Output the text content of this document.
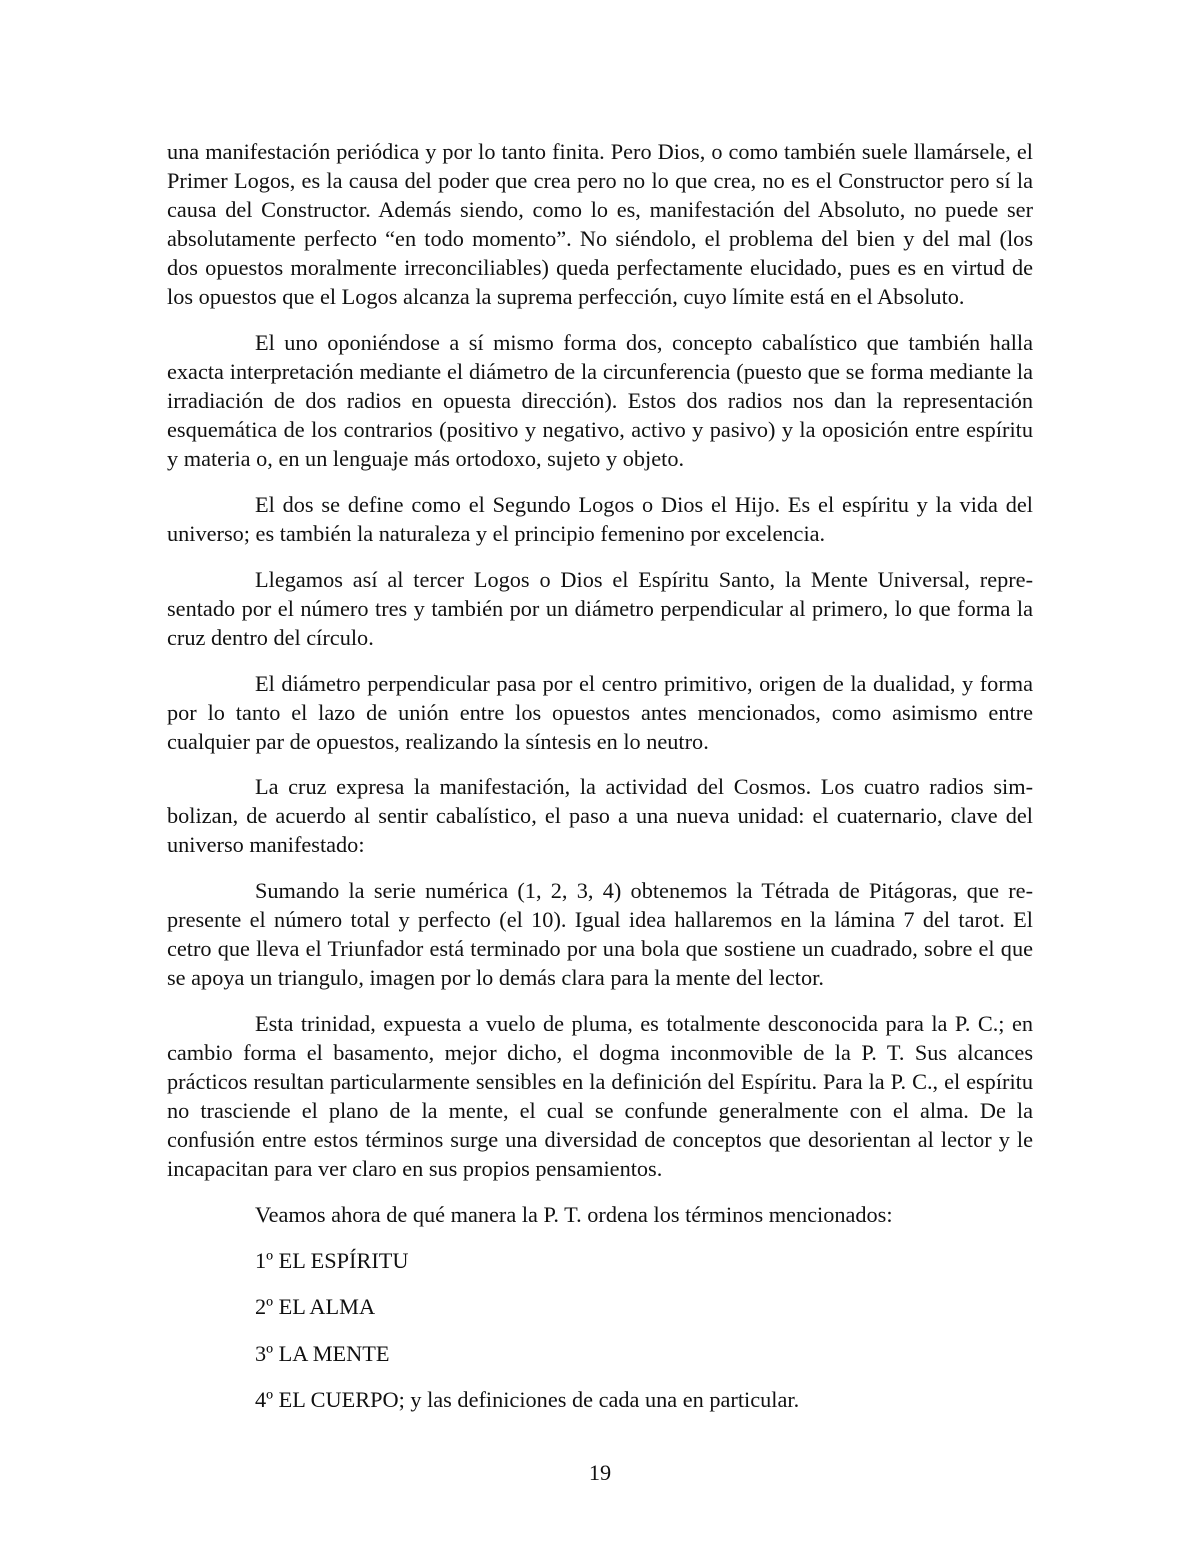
una manifestación periódica y por lo tanto finita. Pero Dios, o como también suele llamársele, el Primer Logos, es la causa del poder que crea pero no lo que crea, no es el Constructor pero sí la causa del Constructor. Además siendo, como lo es, manifestación del Absoluto, no puede ser absolutamente perfecto “en todo momento”. No siéndolo, el problema del bien y del mal (los dos opuestos moralmente irreconciliables) queda perfectamente elucidado, pues es en virtud de los opuestos que el Logos alcanza la suprema perfección, cuyo límite está en el Absoluto.

El uno oponiéndose a sí mismo forma dos, concepto cabalístico que también halla exacta interpretación mediante el diámetro de la circunferencia (puesto que se forma mediante la irradiación de dos radios en opuesta dirección). Estos dos radios nos dan la representación esquemática de los contrarios (positivo y negativo, activo y pasivo) y la oposición entre espíritu y materia o, en un lenguaje más ortodoxo, sujeto y objeto.

El dos se define como el Segundo Logos o Dios el Hijo. Es el espíritu y la vida del universo; es también la naturaleza y el principio femenino por excelencia.

Llegamos así al tercer Logos o Dios el Espíritu Santo, la Mente Universal, representado por el número tres y también por un diámetro perpendicular al primero, lo que forma la cruz dentro del círculo.

El diámetro perpendicular pasa por el centro primitivo, origen de la dualidad, y forma por lo tanto el lazo de unión entre los opuestos antes mencionados, como asimismo entre cualquier par de opuestos, realizando la síntesis en lo neutro.

La cruz expresa la manifestación, la actividad del Cosmos. Los cuatro radios simbolizan, de acuerdo al sentir cabalístico, el paso a una nueva unidad: el cuaternario, clave del universo manifestado:

Sumando la serie numérica (1, 2, 3, 4) obtenemos la Tétrada de Pitágoras, que represente el número total y perfecto (el 10). Igual idea hallaremos en la lámina 7 del tarot. El cetro que lleva el Triunfador está terminado por una bola que sostiene un cuadrado, sobre el que se apoya un triangulo, imagen por lo demás clara para la mente del lector.

Esta trinidad, expuesta a vuelo de pluma, es totalmente desconocida para la P. C.; en cambio forma el basamento, mejor dicho, el dogma inconmovible de la P. T. Sus alcances prácticos resultan particularmente sensibles en la definición del Espíritu. Para la P. C., el espíritu no trasciende el plano de la mente, el cual se confunde generalmente con el alma. De la confusión entre estos términos surge una diversidad de conceptos que desorientan al lector y le incapacitan para ver claro en sus propios pensamientos.

Veamos ahora de qué manera la P. T. ordena los términos mencionados:

1º EL ESPÍRITU
2º EL ALMA
3º LA MENTE
4º EL CUERPO; y las definiciones de cada una en particular.
19
